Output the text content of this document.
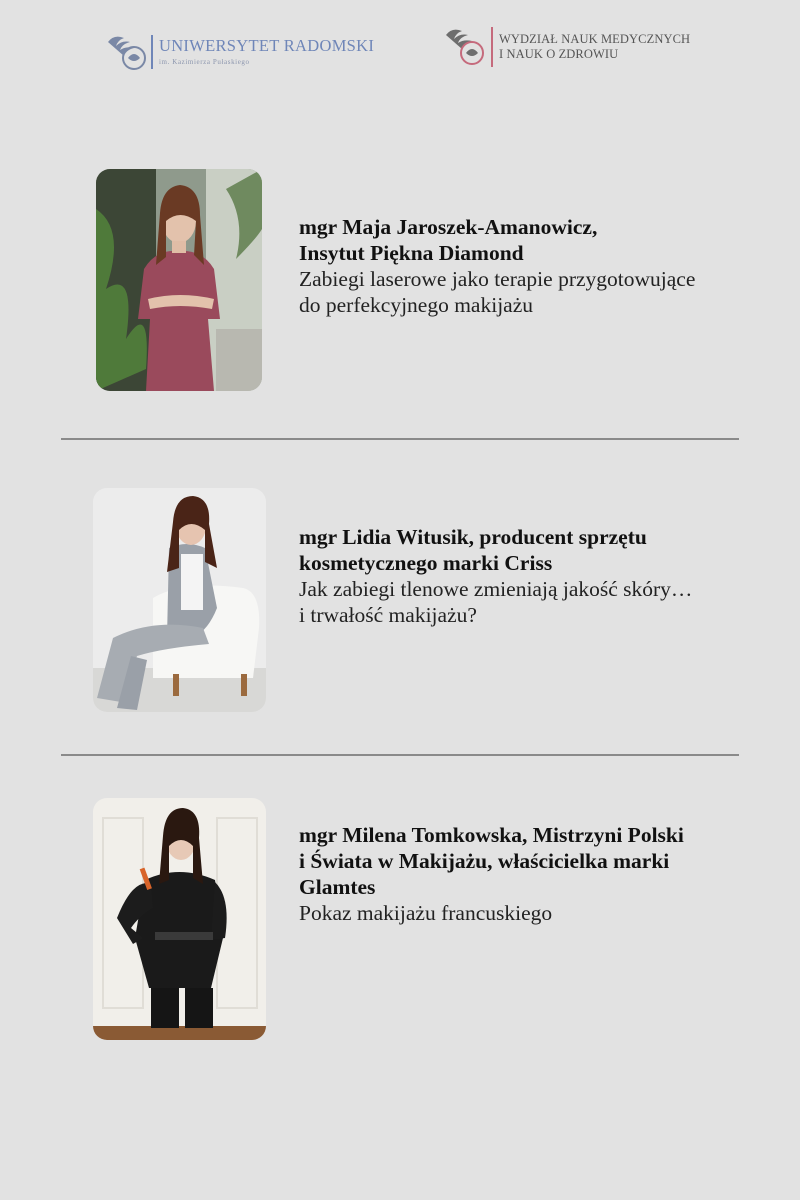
UNIWERSYTET RADOMSKI
im. Kazimierza Pułaskiego
WYDZIAŁ NAUK MEDYCZNYCH
I NAUK O ZDROWIU
mgr Maja Jaroszek-Amanowicz,
Insytut Piękna Diamond
Zabiegi laserowe jako terapie przygotowujące
do perfekcyjnego makijażu
mgr Lidia Witusik, producent sprzętu
kosmetycznego marki Criss
Jak zabiegi tlenowe zmieniają jakość skóry…
i trwałość makijażu?
mgr Milena Tomkowska, Mistrzyni Polski
i Świata w Makijażu, właścicielka marki
Glamtes
Pokaz makijażu francuskiego
